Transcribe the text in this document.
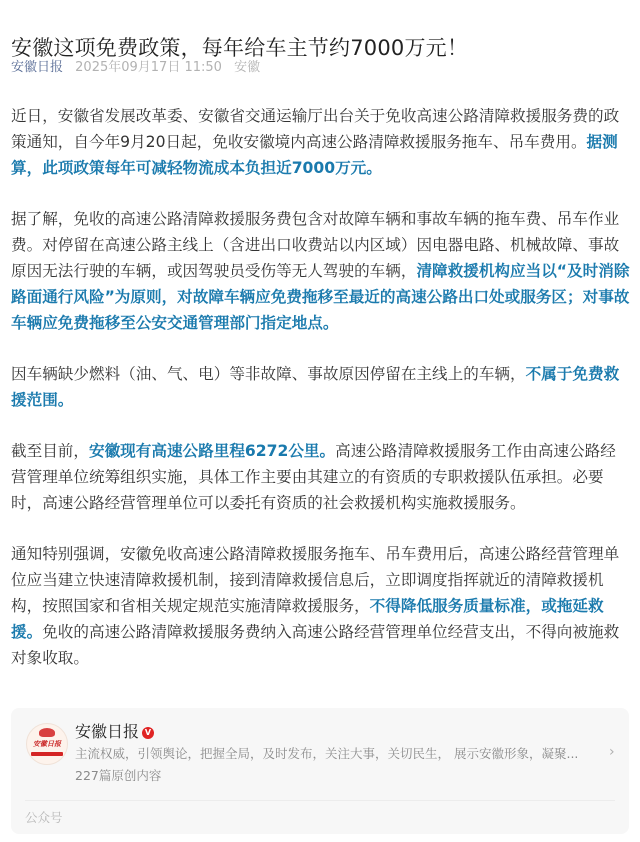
安徽这项免费政策，每年给车主节约7000万元！
安徽日报 2025年09月17日 11:50 安徽

近日，安徽省发展改革委、安徽省交通运输厅出台关于免收高速公路清障救援服务费的政策通知，自今年9月20日起，免收安徽境内高速公路清障救援服务拖车、吊车费用。据测算，此项政策每年可减轻物流成本负担近7000万元。

据了解，免收的高速公路清障救援服务费包含对故障车辆和事故车辆的拖车费、吊车作业费。对停留在高速公路主线上（含进出口收费站以内区域）因电器电路、机械故障、事故原因无法行驶的车辆，或因驾驶员受伤等无人驾驶的车辆，清障救援机构应当以“及时消除路面通行风险”为原则，对故障车辆应免费拖移至最近的高速公路出口处或服务区；对事故车辆应免费拖移至公安交通管理部门指定地点。

因车辆缺少燃料（油、气、电）等非故障、事故原因停留在主线上的车辆，不属于免费救援范围。

截至目前，安徽现有高速公路里程6272公里。高速公路清障救援服务工作由高速公路经营管理单位统筹组织实施，具体工作主要由其建立的有资质的专职救援队伍承担。必要时，高速公路经营管理单位可以委托有资质的社会救援机构实施救援服务。

通知特别强调，安徽免收高速公路清障救援服务拖车、吊车费用后，高速公路经营管理单位应当建立快速清障救援机制，接到清障救援信息后，立即调度指挥就近的清障救援机构，按照国家和省相关规定规范实施清障救援服务，不得降低服务质量标准，或拖延救援。免收的高速公路清障救援服务费纳入高速公路经营管理单位经营支出，不得向被施救对象收取。

安徽日报
安徽日报 V
主流权威，引领舆论，把握全局，及时发布，关注大事，关切民生， 展示安徽形象，凝聚...
227篇原创内容
›
公众号
